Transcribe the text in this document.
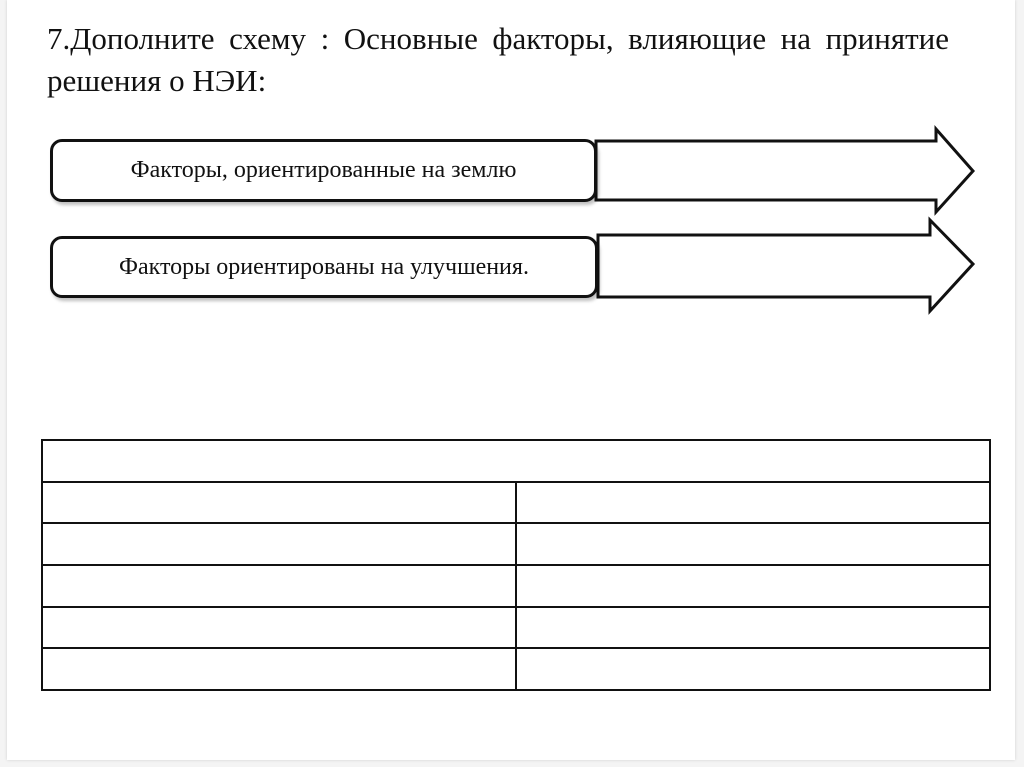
7.Дополните схему : Основные факторы, влияющие на принятие решения о НЭИ:

Факторы, ориентированные на землю
Факторы ориентированы на улучшения.
